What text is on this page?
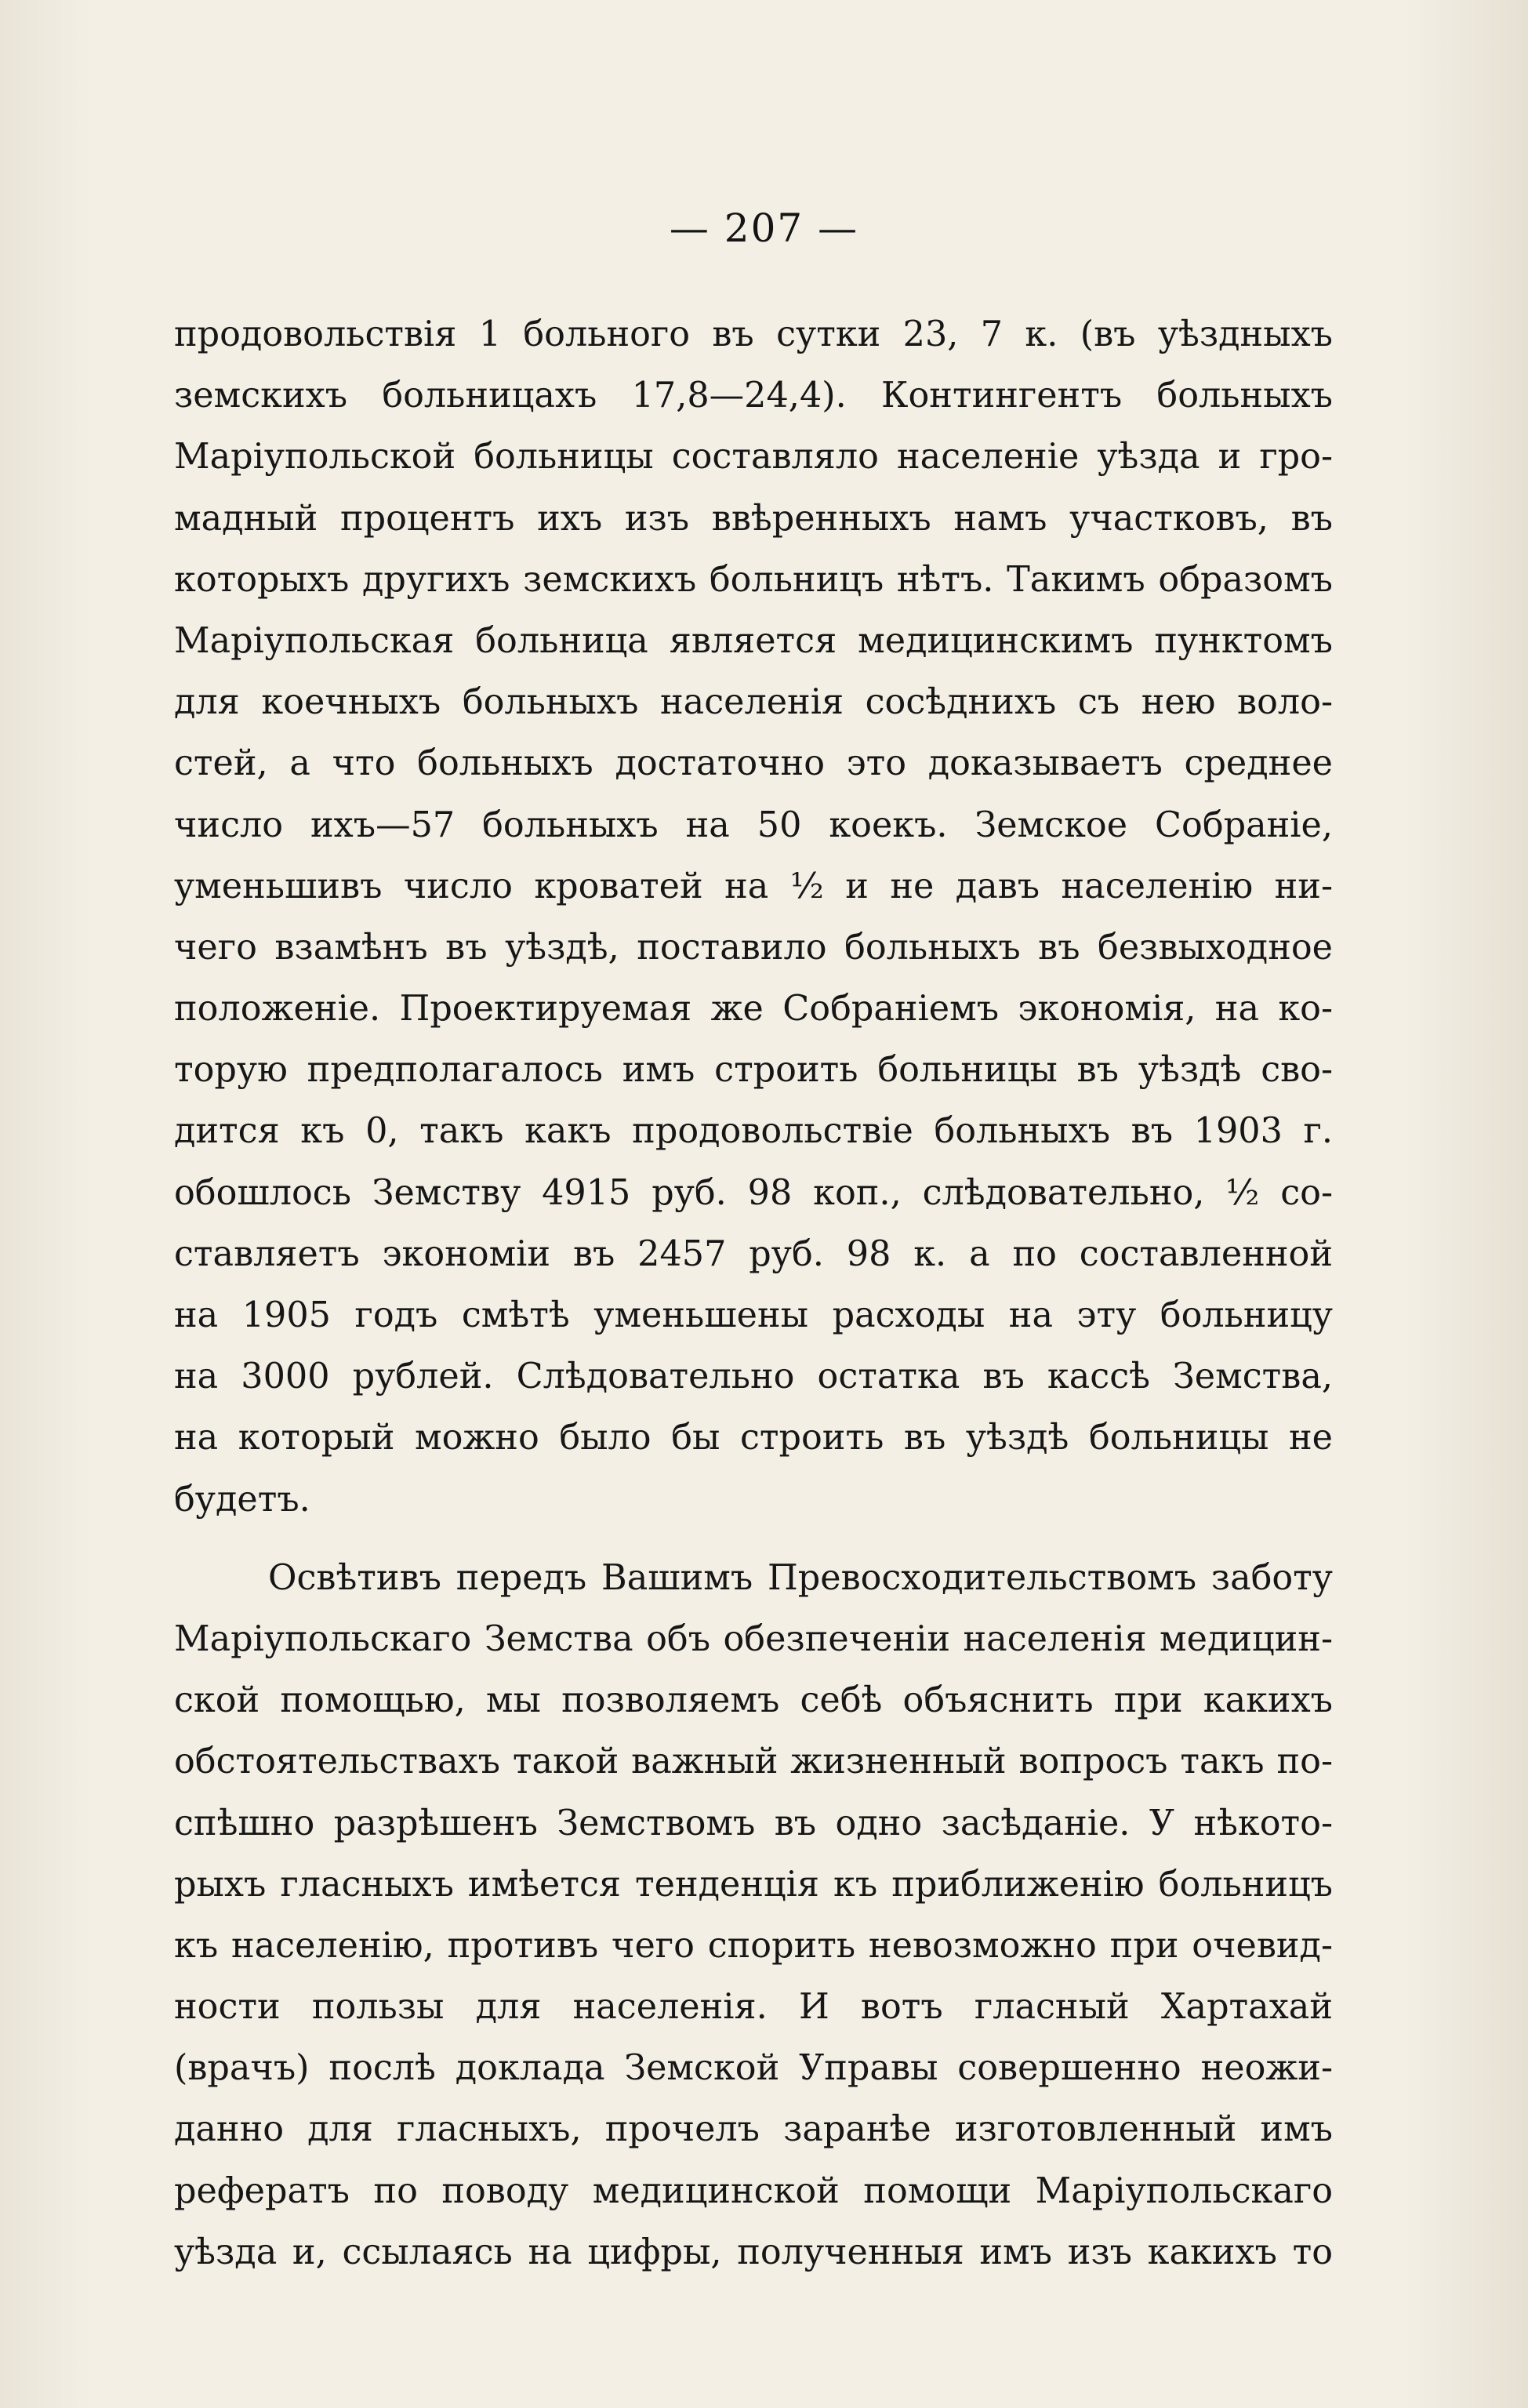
— 207 —
продовольствія 1 больного въ сутки 23, 7 к. (въ уѣздныхъ
земскихъ больницахъ 17,8—24,4). Контингентъ больныхъ
Маріупольской больницы составляло населеніе уѣзда и гро-
мадный процентъ ихъ изъ ввѣренныхъ намъ участковъ, въ
которыхъ другихъ земскихъ больницъ нѣтъ. Такимъ образомъ
Маріупольская больница является медицинскимъ пунктомъ
для коечныхъ больныхъ населенія сосѣднихъ съ нею воло-
стей, а что больныхъ достаточно это доказываетъ среднее
число ихъ—57 больныхъ на 50 коекъ. Земское Собраніе,
уменьшивъ число кроватей на ½ и не давъ населенію ни-
чего взамѣнъ въ уѣздѣ, поставило больныхъ въ безвыходное
положеніе. Проектируемая же Собраніемъ экономія, на ко-
торую предполагалось имъ строить больницы въ уѣздѣ сво-
дится къ 0, такъ какъ продовольствіе больныхъ въ 1903 г.
обошлось Земству 4915 руб. 98 коп., слѣдовательно, ½ со-
ставляетъ экономіи въ 2457 руб. 98 к. а по составленной
на 1905 годъ смѣтѣ уменьшены расходы на эту больницу
на 3000 рублей. Слѣдовательно остатка въ кассѣ Земства,
на который можно было бы строить въ уѣздѣ больницы не
будетъ.
Освѣтивъ передъ Вашимъ Превосходительствомъ заботу
Маріупольскаго Земства объ обезпеченіи населенія медицин-
ской помощью, мы позволяемъ себѣ объяснить при какихъ
обстоятельствахъ такой важный жизненный вопросъ такъ по-
спѣшно разрѣшенъ Земствомъ въ одно засѣданіе. У нѣкото-
рыхъ гласныхъ имѣется тенденція къ приближенію больницъ
къ населенію, противъ чего спорить невозможно при очевид-
ности пользы для населенія. И вотъ гласный Хартахай
(врачъ) послѣ доклада Земской Управы совершенно неожи-
данно для гласныхъ, прочелъ заранѣе изготовленный имъ
рефератъ по поводу медицинской помощи Маріупольскаго
уѣзда и, ссылаясь на цифры, полученныя имъ изъ какихъ то
